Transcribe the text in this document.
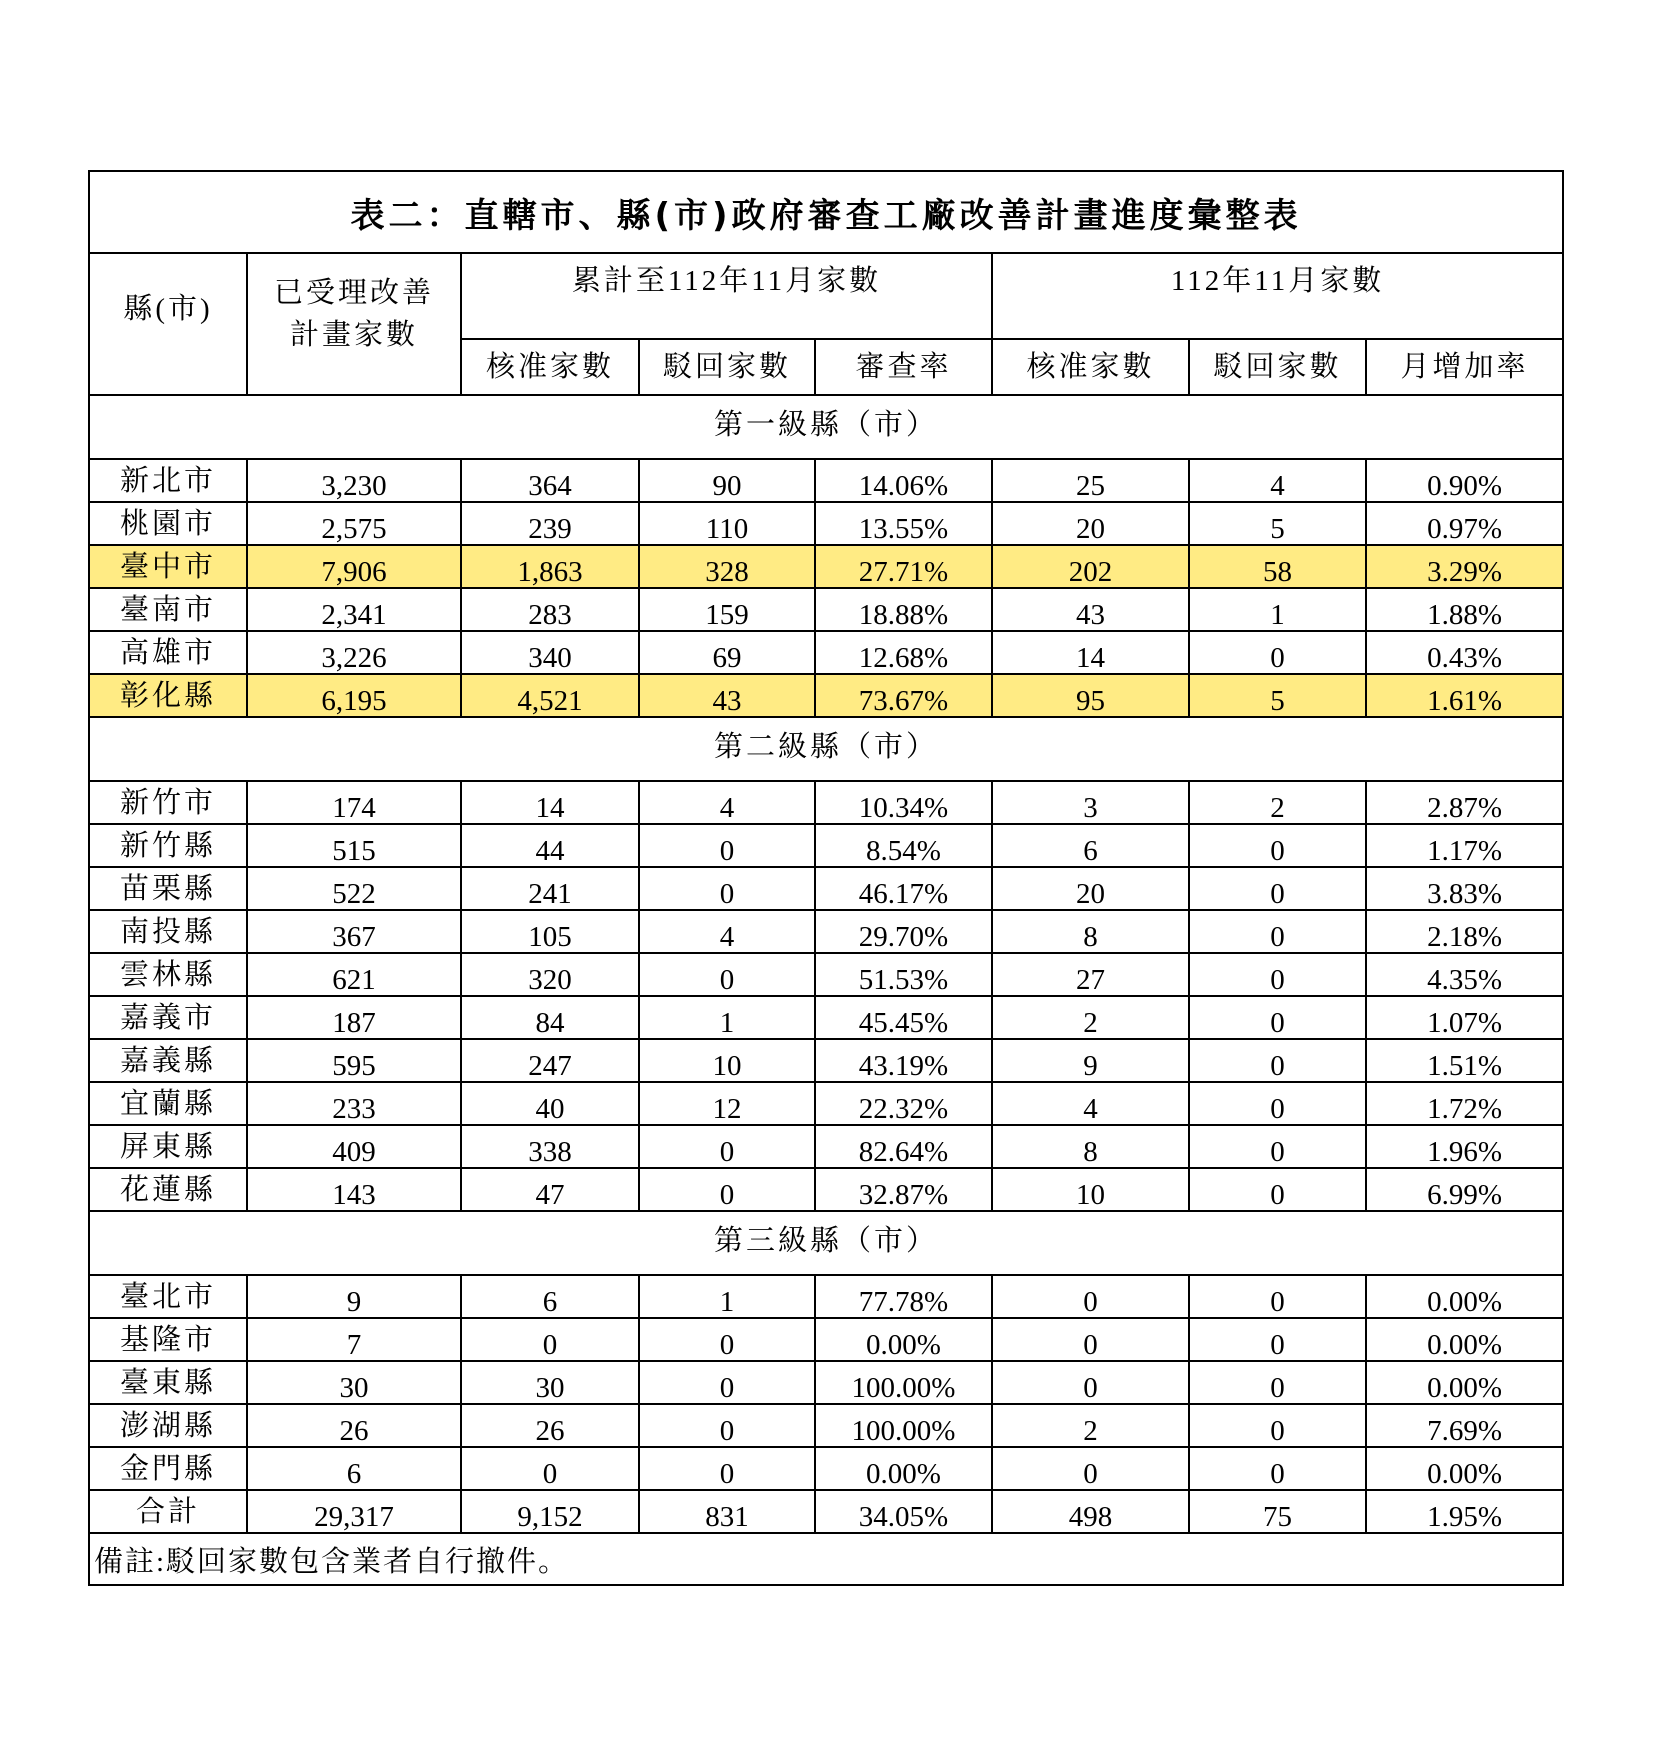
表二：直轄市、縣(市)政府審查工廠改善計畫進度彙整表							
縣(市)	已受理改善計畫家數	累計至112年11月家數			112年11月家數		
		核准家數	駁回家數	審查率	核准家數	駁回家數	月增加率
第一級縣（市）							
新北市	3,230	364	90	14.06%	25	4	0.90%
桃園市	2,575	239	110	13.55%	20	5	0.97%
臺中市	7,906	1,863	328	27.71%	202	58	3.29%
臺南市	2,341	283	159	18.88%	43	1	1.88%
高雄市	3,226	340	69	12.68%	14	0	0.43%
彰化縣	6,195	4,521	43	73.67%	95	5	1.61%
第二級縣（市）							
新竹市	174	14	4	10.34%	3	2	2.87%
新竹縣	515	44	0	8.54%	6	0	1.17%
苗栗縣	522	241	0	46.17%	20	0	3.83%
南投縣	367	105	4	29.70%	8	0	2.18%
雲林縣	621	320	0	51.53%	27	0	4.35%
嘉義市	187	84	1	45.45%	2	0	1.07%
嘉義縣	595	247	10	43.19%	9	0	1.51%
宜蘭縣	233	40	12	22.32%	4	0	1.72%
屏東縣	409	338	0	82.64%	8	0	1.96%
花蓮縣	143	47	0	32.87%	10	0	6.99%
第三級縣（市）							
臺北市	9	6	1	77.78%	0	0	0.00%
基隆市	7	0	0	0.00%	0	0	0.00%
臺東縣	30	30	0	100.00%	0	0	0.00%
澎湖縣	26	26	0	100.00%	2	0	7.69%
金門縣	6	0	0	0.00%	0	0	0.00%
合計	29,317	9,152	831	34.05%	498	75	1.95%
備註:駁回家數包含業者自行撤件。							
